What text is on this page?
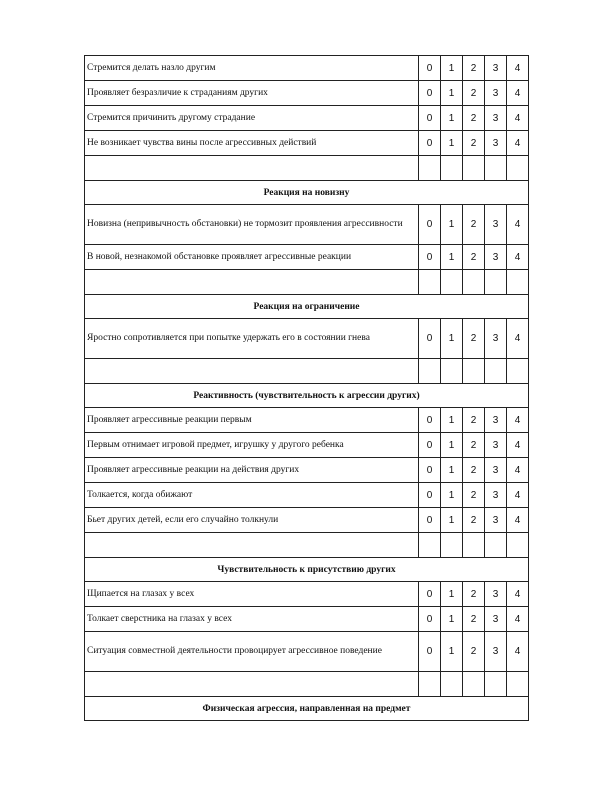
Стремится делать назло другим	0	1	2	3	4
Проявляет безразличие к страданиям других	0	1	2	3	4
Стремится причинить другому страдание	0	1	2	3	4
Не возникает чувства вины после агрессивных действий	0	1	2	3	4

Реакция на новизну					
Новизна (непривычность обстановки) не тормозит проявления агрессивности	0	1	2	3	4
В новой, незнакомой обстановке проявляет агрессивные реакции	0	1	2	3	4

Реакция на ограничение					
Яростно сопротивляется при попытке удержать его в состоянии гнева	0	1	2	3	4

Реактивность (чувствительность к агрессии других)					
Проявляет агрессивные реакции первым	0	1	2	3	4
Первым отнимает игровой предмет, игрушку у другого ребенка	0	1	2	3	4
Проявляет агрессивные реакции на действия других	0	1	2	3	4
Толкается, когда обижают	0	1	2	3	4
Бьет других детей, если его случайно толкнули	0	1	2	3	4

Чувствительность к присутствию других					
Щипается на глазах у всех	0	1	2	3	4
Толкает сверстника на глазах у всех	0	1	2	3	4
Ситуация совместной деятельности провоцирует агрессивное поведение	0	1	2	3	4

Физическая агрессия, направленная на предмет					
